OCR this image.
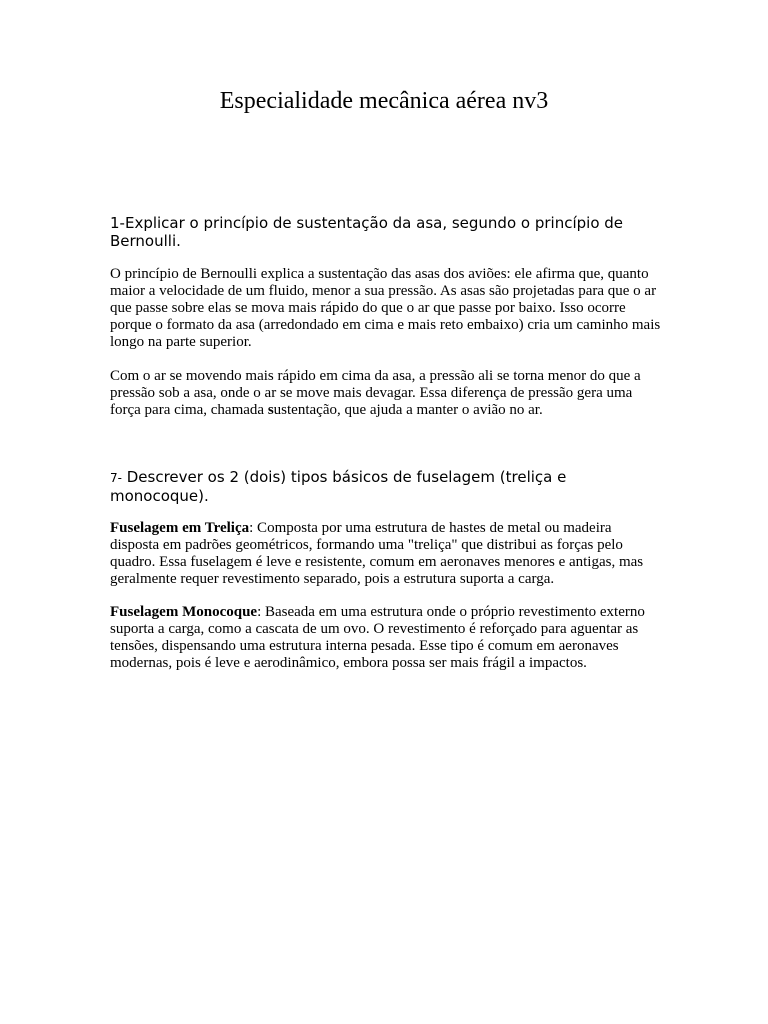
Especialidade mecânica aérea nv3

1-Explicar o princípio de sustentação da asa, segundo o princípio de Bernoulli.

O princípio de Bernoulli explica a sustentação das asas dos aviões: ele afirma que, quanto maior a velocidade de um fluido, menor a sua pressão. As asas são projetadas para que o ar que passe sobre elas se mova mais rápido do que o ar que passe por baixo. Isso ocorre porque o formato da asa (arredondado em cima e mais reto embaixo) cria um caminho mais longo na parte superior.

Com o ar se movendo mais rápido em cima da asa, a pressão ali se torna menor do que a pressão sob a asa, onde o ar se move mais devagar. Essa diferença de pressão gera uma força para cima, chamada sustentação, que ajuda a manter o avião no ar.

7- Descrever os 2 (dois) tipos básicos de fuselagem (treliça e monocoque).

Fuselagem em Treliça: Composta por uma estrutura de hastes de metal ou madeira disposta em padrões geométricos, formando uma "treliça" que distribui as forças pelo quadro. Essa fuselagem é leve e resistente, comum em aeronaves menores e antigas, mas geralmente requer revestimento separado, pois a estrutura suporta a carga.

Fuselagem Monocoque: Baseada em uma estrutura onde o próprio revestimento externo suporta a carga, como a cascata de um ovo. O revestimento é reforçado para aguentar as tensões, dispensando uma estrutura interna pesada. Esse tipo é comum em aeronaves modernas, pois é leve e aerodinâmico, embora possa ser mais frágil a impactos.
